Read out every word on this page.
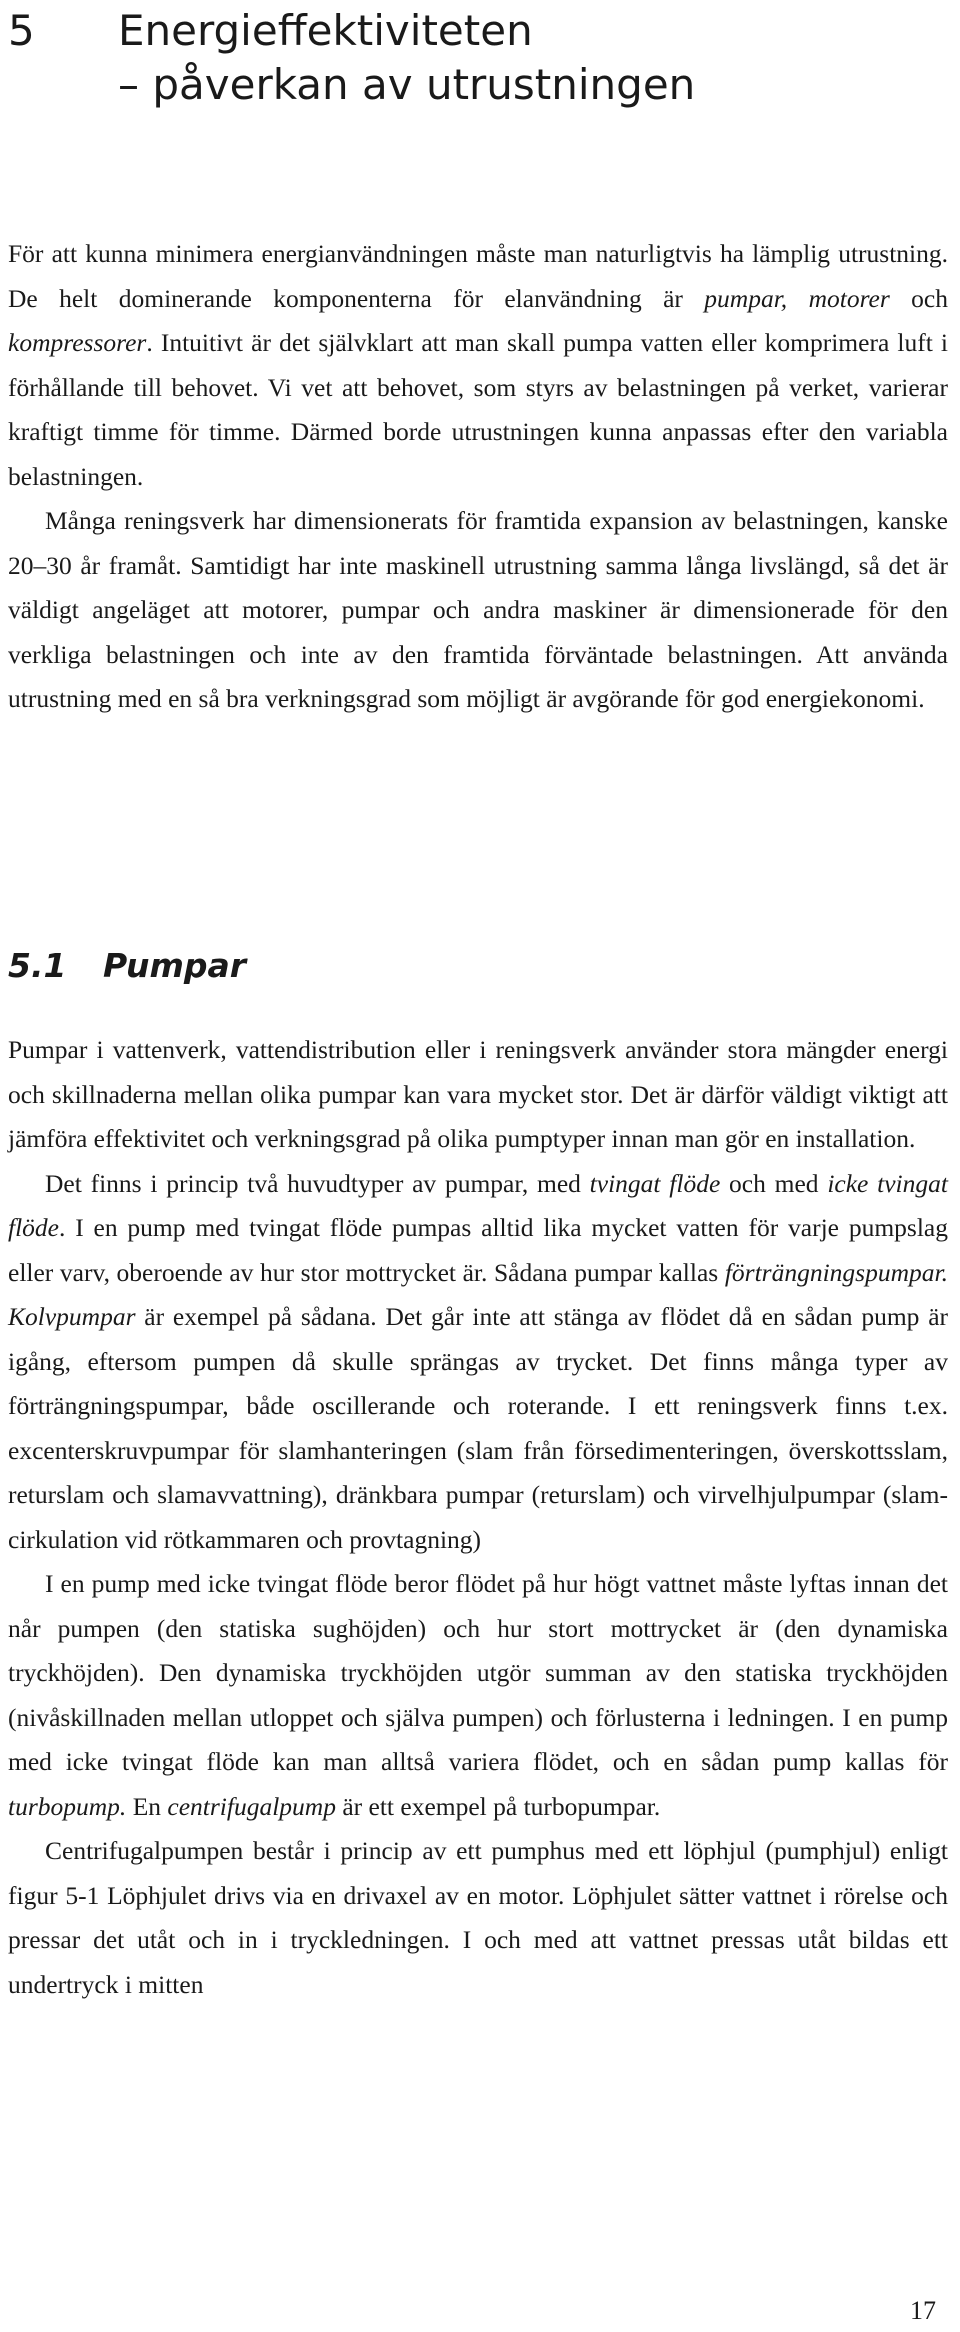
5 Energieffektiviteten
– påverkan av utrustningen

För att kunna minimera energianvändningen måste man naturligtvis ha lämplig utrustning. De helt dominerande komponenterna för elanvändning är pumpar, motorer och kompressorer. Intuitivt är det självklart att man skall pumpa vatten eller komprimera luft i förhållande till behovet. Vi vet att behovet, som styrs av belastningen på verket, varierar kraftigt timme för timme. Därmed borde utrustningen kunna anpassas efter den variabla belastningen.

Många reningsverk har dimensionerats för framtida expansion av belastningen, kanske 20–30 år framåt. Samtidigt har inte maskinell utrustning samma långa livslängd, så det är väldigt angeläget att motorer, pumpar och andra maskiner är dimensionerade för den verkliga belastningen och inte av den framtida förväntade belastningen. Att använda utrustning med en så bra verkningsgrad som möjligt är avgörande för god energiekonomi.

5.1 Pumpar

Pumpar i vattenverk, vattendistribution eller i reningsverk använder stora mängder energi och skillnaderna mellan olika pumpar kan vara mycket stor. Det är därför väldigt viktigt att jämföra effektivitet och verkningsgrad på olika pumptyper innan man gör en installation.

Det finns i princip två huvudtyper av pumpar, med tvingat flöde och med icke tvingat flöde. I en pump med tvingat flöde pumpas alltid lika mycket vatten för varje pumpslag eller varv, oberoende av hur stor mottrycket är. Sådana pumpar kallas förträngningspumpar. Kolvpumpar är exempel på sådana. Det går inte att stänga av flödet då en sådan pump är igång, eftersom pumpen då skulle sprängas av trycket. Det finns många typer av förträngningspumpar, både oscillerande och roterande. I ett reningsverk finns t.ex. excenterskruvpumpar för slamhanteringen (slam från försedimenteringen, överskottsslam, returslam och slamavvattning), dränkbara pumpar (returslam) och virvelhjulpumpar (slamcirkulation vid rötkammaren och provtagning)

I en pump med icke tvingat flöde beror flödet på hur högt vattnet måste lyftas innan det når pumpen (den statiska sughöjden) och hur stort mottrycket är (den dynamiska tryckhöjden). Den dynamiska tryckhöjden utgör summan av den statiska tryckhöjden (nivåskillnaden mellan utloppet och själva pumpen) och förlusterna i ledningen. I en pump med icke tvingat flöde kan man alltså variera flödet, och en sådan pump kallas för turbopump. En centrifugalpump är ett exempel på turbopumpar.

Centrifugalpumpen består i princip av ett pumphus med ett löphjul (pumphjul) enligt figur 5-1 Löphjulet drivs via en drivaxel av en motor. Löphjulet sätter vattnet i rörelse och pressar det utåt och in i tryckledningen. I och med att vattnet pressas utåt bildas ett undertryck i mitten

17
